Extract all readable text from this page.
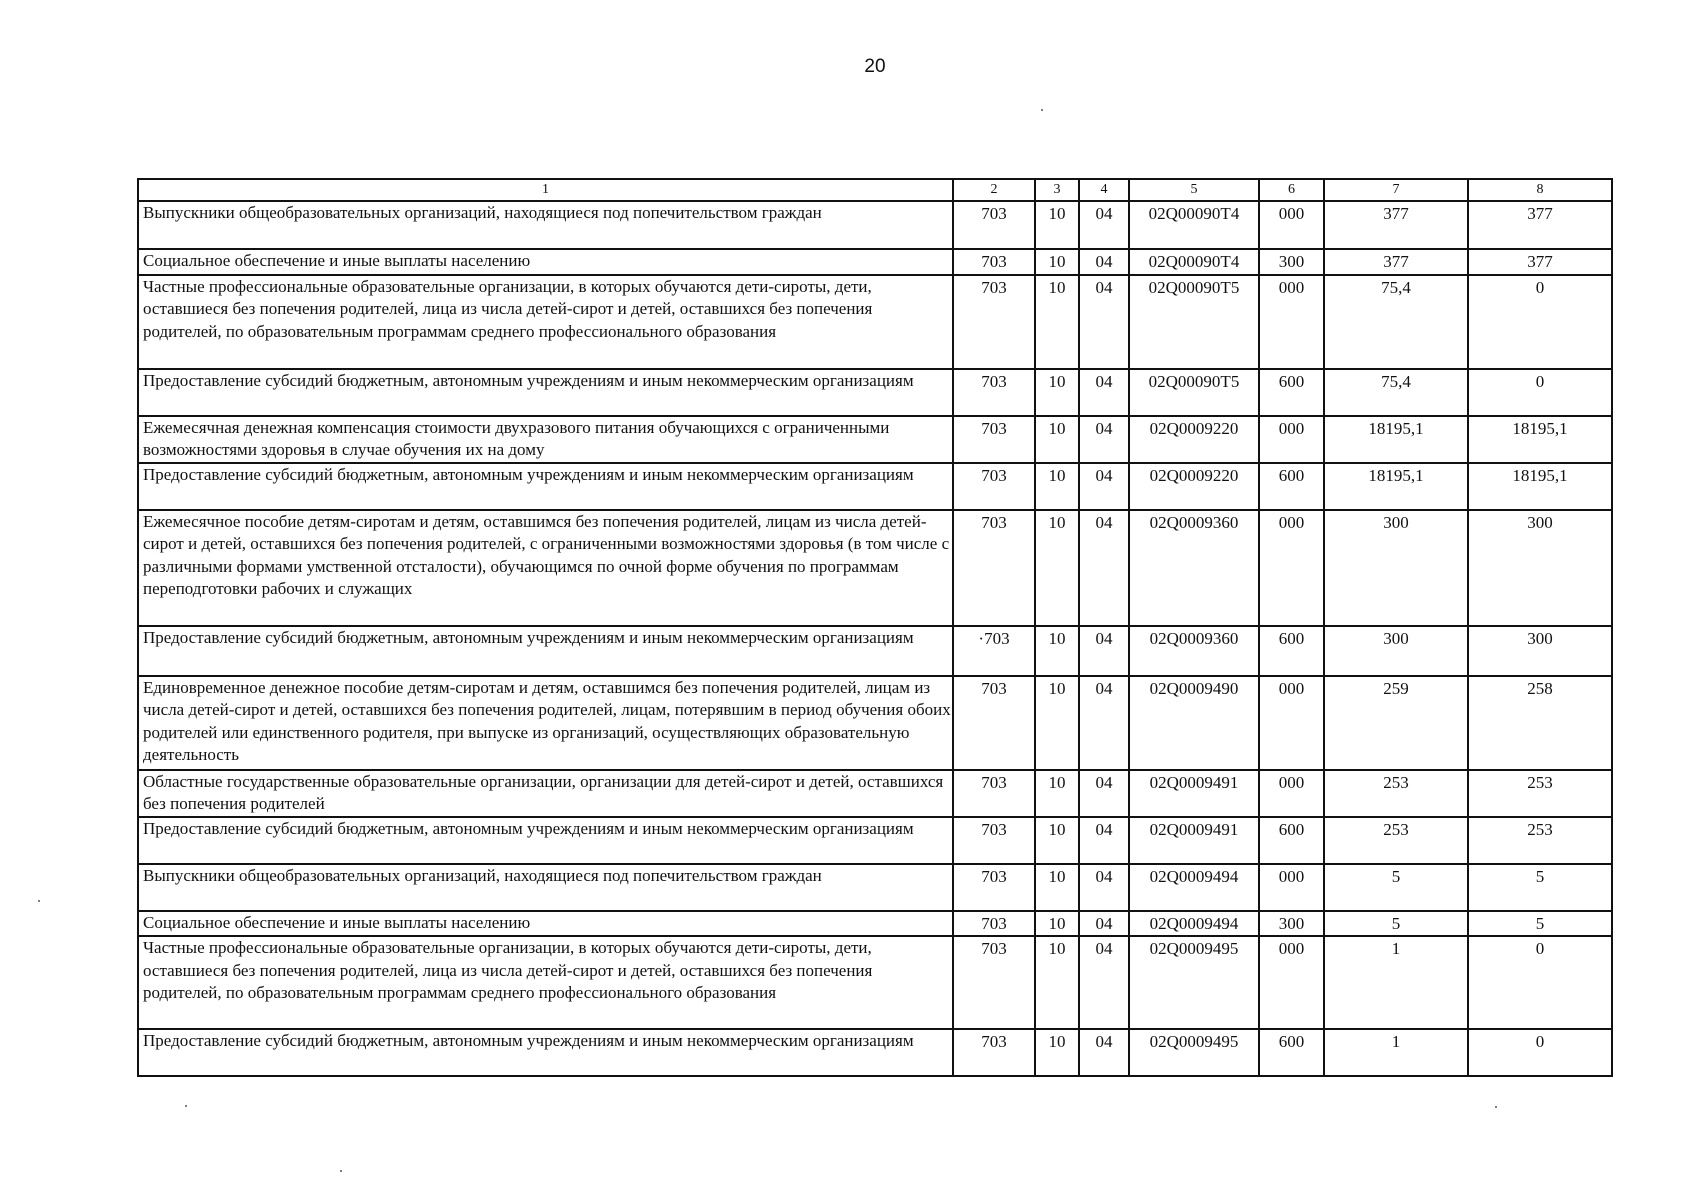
20
1	2	3	4	5	6	7	8
Выпускники общеобразовательных организаций, находящиеся под попечительством граждан	703	10	04	02Q00090T4	000	377	377
Социальное обеспечение и иные выплаты населению	703	10	04	02Q00090T4	300	377	377
Частные профессиональные образовательные организации, в которых обучаются дети-сироты, дети, оставшиеся без попечения родителей, лица из числа детей-сирот и детей, оставшихся без попечения родителей, по образовательным программам среднего профессионального образования	703	10	04	02Q00090T5	000	75,4	0
Предоставление субсидий бюджетным, автономным учреждениям и иным некоммерческим организациям	703	10	04	02Q00090T5	600	75,4	0
Ежемесячная денежная компенсация стоимости двухразового питания обучающихся с ограниченными возможностями здоровья в случае обучения их на дому	703	10	04	02Q0009220	000	18195,1	18195,1
Предоставление субсидий бюджетным, автономным учреждениям и иным некоммерческим организациям	703	10	04	02Q0009220	600	18195,1	18195,1
Ежемесячное пособие детям-сиротам и детям, оставшимся без попечения родителей, лицам из числа детей-сирот и детей, оставшихся без попечения родителей, с ограниченными возможностями здоровья (в том числе с различными формами умственной отсталости), обучающимся по очной форме обучения по программам переподготовки рабочих и служащих	703	10	04	02Q0009360	000	300	300
Предоставление субсидий бюджетным, автономным учреждениям и иным некоммерческим организациям	·703	10	04	02Q0009360	600	300	300
Единовременное денежное пособие детям-сиротам и детям, оставшимся без попечения родителей, лицам из числа детей-сирот и детей, оставшихся без попечения родителей, лицам, потерявшим в период обучения обоих родителей или единственного родителя, при выпуске из организаций, осуществляющих образовательную деятельность	703	10	04	02Q0009490	000	259	258
Областные государственные образовательные организации, организации для детей-сирот и детей, оставшихся без попечения родителей	703	10	04	02Q0009491	000	253	253
Предоставление субсидий бюджетным, автономным учреждениям и иным некоммерческим организациям	703	10	04	02Q0009491	600	253	253
Выпускники общеобразовательных организаций, находящиеся под попечительством граждан	703	10	04	02Q0009494	000	5	5
Социальное обеспечение и иные выплаты населению	703	10	04	02Q0009494	300	5	5
Частные профессиональные образовательные организации, в которых обучаются дети-сироты, дети, оставшиеся без попечения родителей, лица из числа детей-сирот и детей, оставшихся без попечения родителей, по образовательным программам среднего профессионального образования	703	10	04	02Q0009495	000	1	0
Предоставление субсидий бюджетным, автономным учреждениям и иным некоммерческим организациям	703	10	04	02Q0009495	600	1	0
